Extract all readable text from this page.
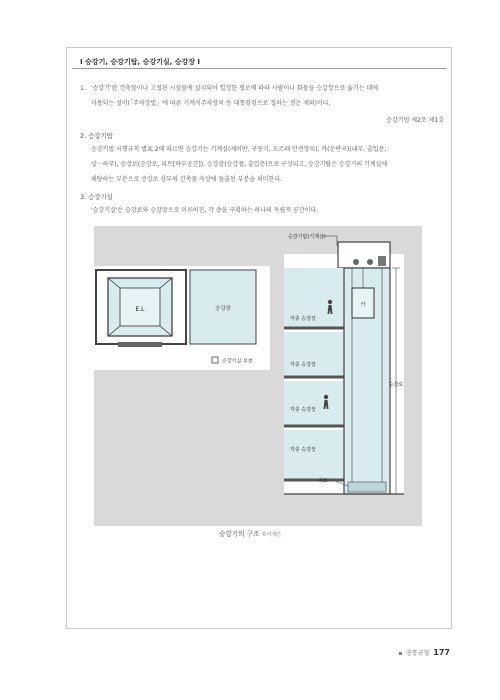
Ⅰ 승강기, 승강기탑, 승강기실, 승강장 Ⅰ
1. '승강기'란 건축물이나 고정된 시설물에 설치되어 일정한 경로에 따라 사람이나 화물을 승강장으로 옮기는 데에
사용되는 설비(「주차장법」에 따른 기계식주차장치 등 대통령령으로 정하는 것은 제외)이다.
승강기법 제2조 제1호
2. 승강기탑
승강기법 시행규칙 별표 2에 따르면 승강기는 기계실(제어반, 구동기, 도르래 안전장치), 카(운반구)(내부, 출입문,
상ㆍ하부), 승강로(승강로, 피트[하부공간]), 승강장(승강장, 출입문)으로 구성되고, 승강기탑은 승강기의 기계실에
해당하는 부분으로 승강로 상부의 건축물 옥상에 돌출된 부분을 의미한다.
3. 승강기실
'승강기실'은 승강로와 승강장으로 이루어진, 각 층을 구획하는 하나의 독립적 공간이다.
E.L	승강장
승강기실 부분
승강기탑(기계실)
카
각층 승강장
각층 승강장
각층 승강장
각층 승강장
승강로
피트
승강기의 구조 ©이재인
공통규정 177
